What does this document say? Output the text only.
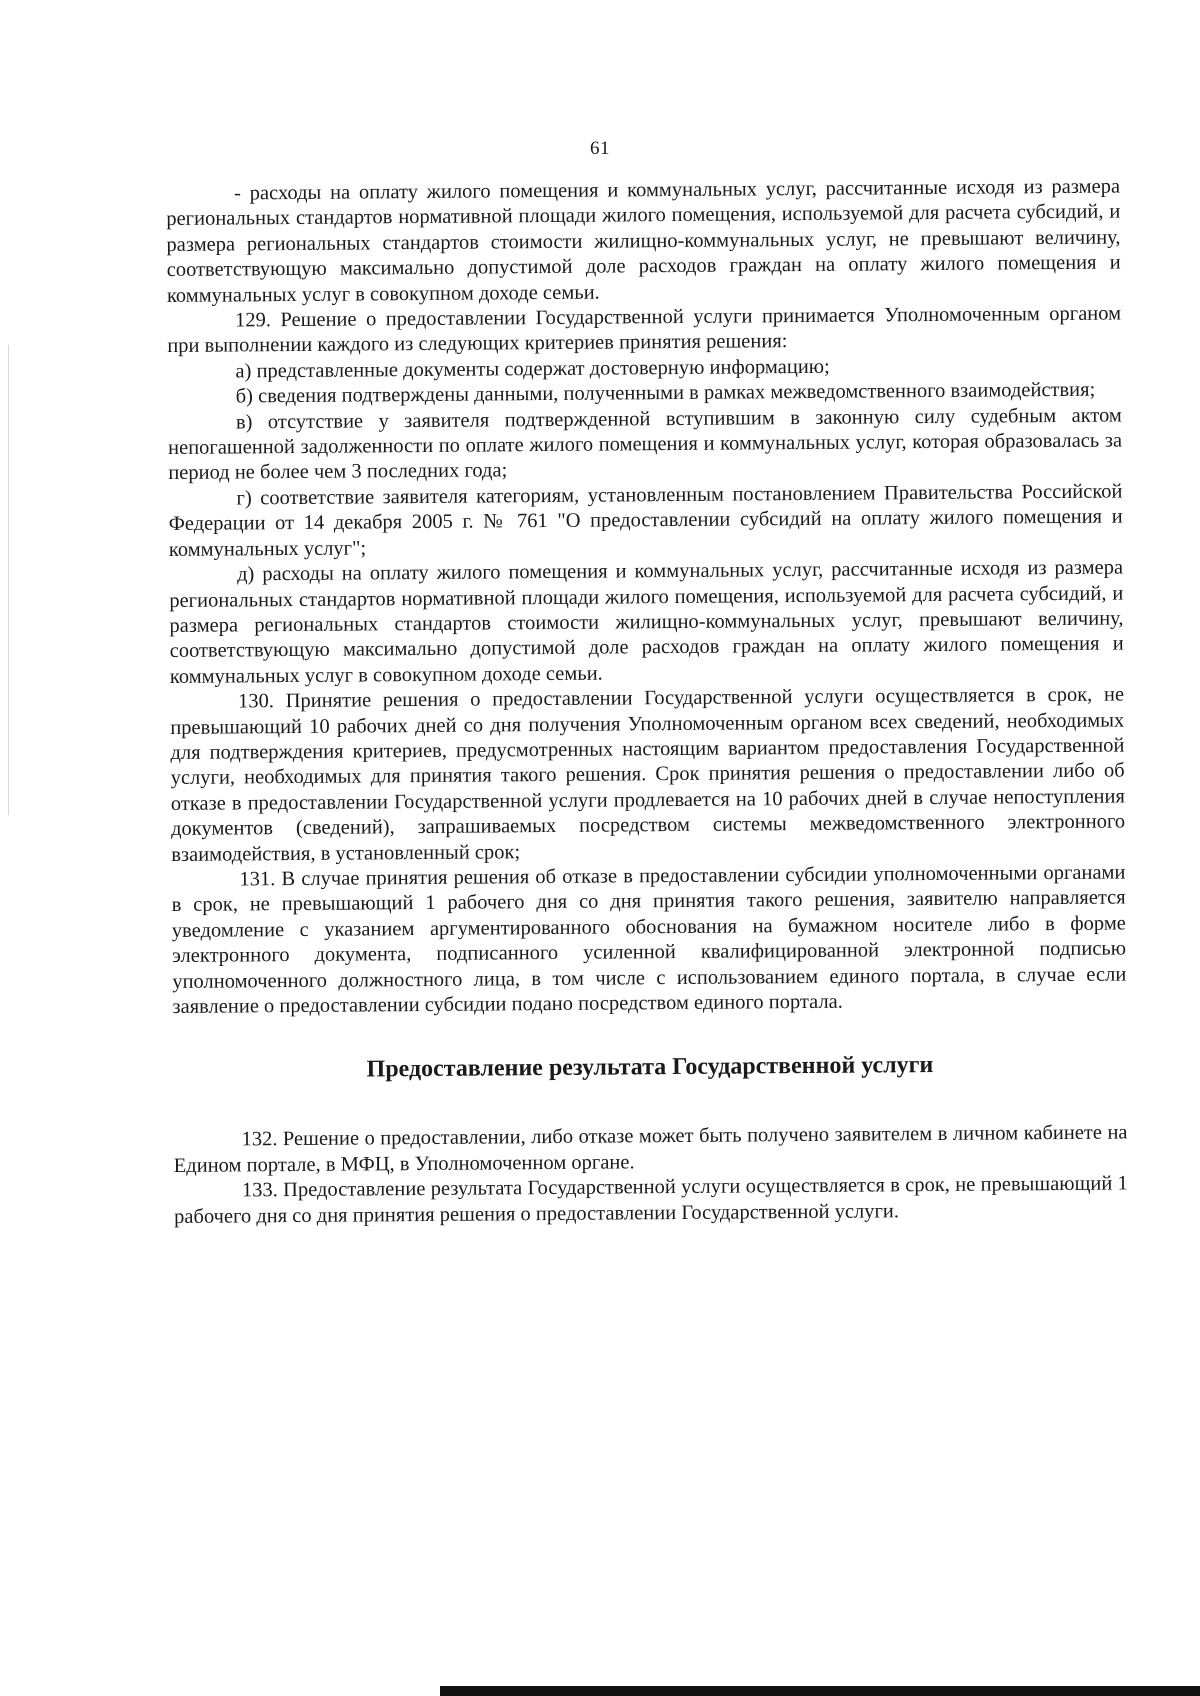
61

- расходы на оплату жилого помещения и коммунальных услуг, рассчитанные исходя из размера региональных стандартов нормативной площади жилого помещения, используемой для расчета субсидий, и размера региональных стандартов стоимости жилищно-коммунальных услуг, не превышают величину, соответствующую максимально допустимой доле расходов граждан на оплату жилого помещения и коммунальных услуг в совокупном доходе семьи.

129. Решение о предоставлении Государственной услуги принимается Уполномоченным органом при выполнении каждого из следующих критериев принятия решения:

а) представленные документы содержат достоверную информацию;

б) сведения подтверждены данными, полученными в рамках межведомственного взаимодействия;

в) отсутствие у заявителя подтвержденной вступившим в законную силу судебным актом непогашенной задолженности по оплате жилого помещения и коммунальных услуг, которая образовалась за период не более чем 3 последних года;

г) соответствие заявителя категориям, установленным постановлением Правительства Российской Федерации от 14 декабря 2005 г. № 761 "О предоставлении субсидий на оплату жилого помещения и коммунальных услуг";

д) расходы на оплату жилого помещения и коммунальных услуг, рассчитанные исходя из размера региональных стандартов нормативной площади жилого помещения, используемой для расчета субсидий, и размера региональных стандартов стоимости жилищно-коммунальных услуг, превышают величину, соответствующую максимально допустимой доле расходов граждан на оплату жилого помещения и коммунальных услуг в совокупном доходе семьи.

130. Принятие решения о предоставлении Государственной услуги осуществляется в срок, не превышающий 10 рабочих дней со дня получения Уполномоченным органом всех сведений, необходимых для подтверждения критериев, предусмотренных настоящим вариантом предоставления Государственной услуги, необходимых для принятия такого решения. Срок принятия решения о предоставлении либо об отказе в предоставлении Государственной услуги продлевается на 10 рабочих дней в случае непоступления документов (сведений), запрашиваемых посредством системы межведомственного электронного взаимодействия, в установленный срок;

131. В случае принятия решения об отказе в предоставлении субсидии уполномоченными органами в срок, не превышающий 1 рабочего дня со дня принятия такого решения, заявителю направляется уведомление с указанием аргументированного обоснования на бумажном носителе либо в форме электронного документа, подписанного усиленной квалифицированной электронной подписью уполномоченного должностного лица, в том числе с использованием единого портала, в случае если заявление о предоставлении субсидии подано посредством единого портала.

Предоставление результата Государственной услуги

132. Решение о предоставлении, либо отказе может быть получено заявителем в личном кабинете на Едином портале, в МФЦ, в Уполномоченном органе.

133. Предоставление результата Государственной услуги осуществляется в срок, не превышающий 1 рабочего дня со дня принятия решения о предоставлении Государственной услуги.
